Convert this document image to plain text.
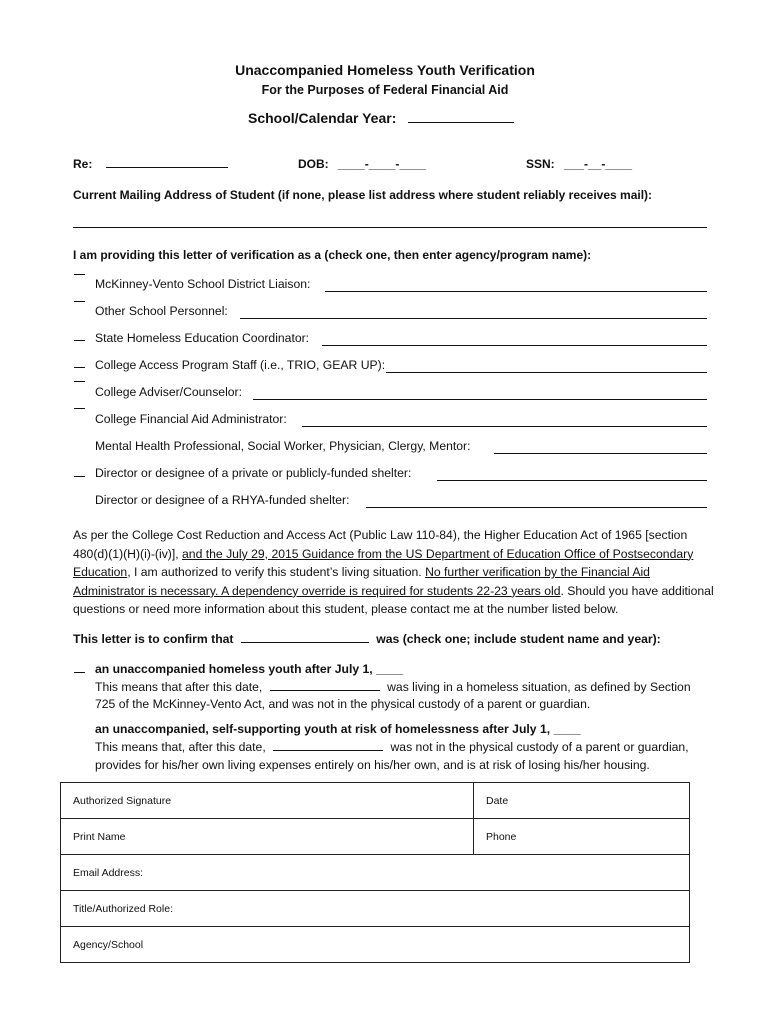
Unaccompanied Homeless Youth Verification
For the Purposes of Federal Financial Aid
School/Calendar Year:
Re:	DOB: ____-____-____	SSN: ___-__-____
Current Mailing Address of Student (if none, please list address where student reliably receives mail):
I am providing this letter of verification as a (check one, then enter agency/program name):
McKinney-Vento School District Liaison:
Other School Personnel:
State Homeless Education Coordinator:
College Access Program Staff (i.e., TRIO, GEAR UP):
College Adviser/Counselor:
College Financial Aid Administrator:
Mental Health Professional, Social Worker, Physician, Clergy, Mentor:
Director or designee of a private or publicly-funded shelter:
Director or designee of a RHYA-funded shelter:
As per the College Cost Reduction and Access Act (Public Law 110-84), the Higher Education Act of 1965 [section 480(d)(1)(H)(i)-(iv)], and the July 29, 2015 Guidance from the US Department of Education Office of Postsecondary Education, I am authorized to verify this student’s living situation. No further verification by the Financial Aid Administrator is necessary. A dependency override is required for students 22-23 years old. Should you have additional questions or need more information about this student, please contact me at the number listed below.
This letter is to confirm that	was (check one; include student name and year):
an unaccompanied homeless youth after July 1, ____
This means that after this date,	was living in a homeless situation, as defined by Section
725 of the McKinney-Vento Act, and was not in the physical custody of a parent or guardian.
an unaccompanied, self-supporting youth at risk of homelessness after July 1, ____
This means that, after this date,	was not in the physical custody of a parent or guardian,
provides for his/her own living expenses entirely on his/her own, and is at risk of losing his/her housing.
Authorized Signature	Date
Print Name	Phone
Email Address:	
Title/Authorized Role:	
Agency/School	
